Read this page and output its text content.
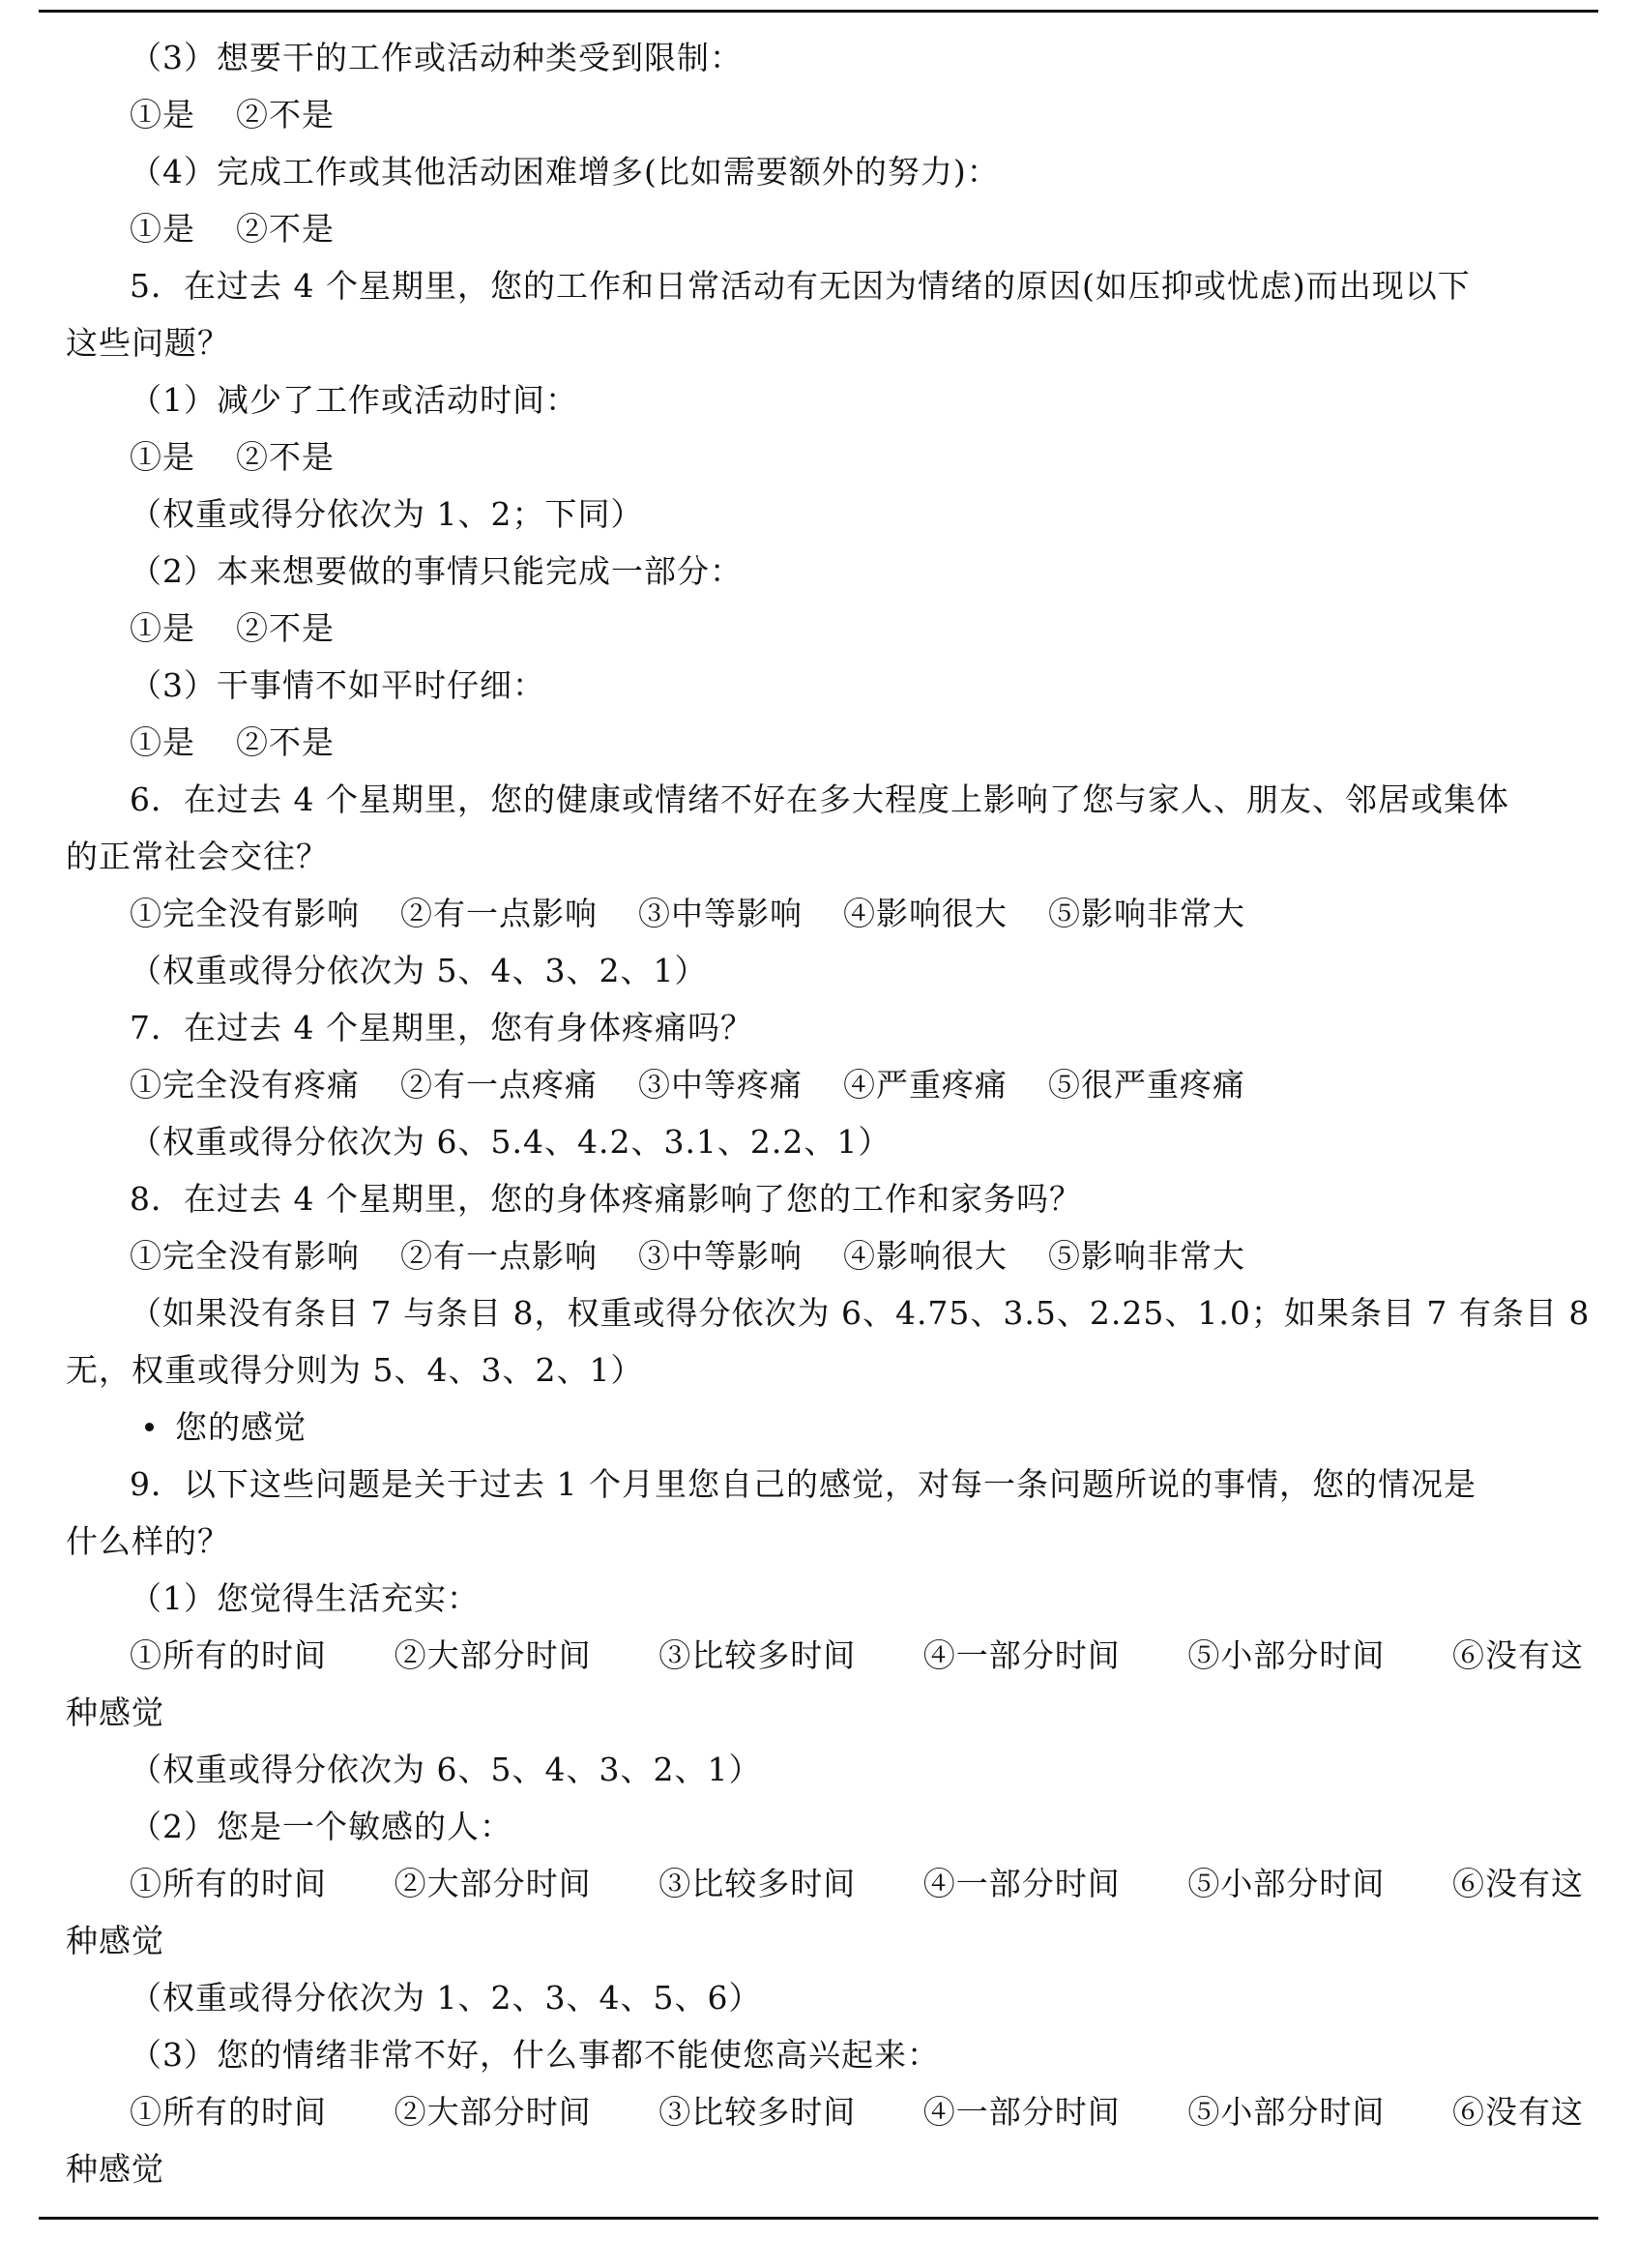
（3）想要干的工作或活动种类受到限制：
①是 ②不是
（4）完成工作或其他活动困难增多(比如需要额外的努力)：
①是 ②不是
5．在过去 4 个星期里，您的工作和日常活动有无因为情绪的原因(如压抑或忧虑)而出现以下
这些问题？
（1）减少了工作或活动时间：
①是 ②不是
（权重或得分依次为 1、2；下同）
（2）本来想要做的事情只能完成一部分：
①是 ②不是
（3）干事情不如平时仔细：
①是 ②不是
6．在过去 4 个星期里，您的健康或情绪不好在多大程度上影响了您与家人、朋友、邻居或集体
的正常社会交往？
①完全没有影响 ②有一点影响 ③中等影响 ④影响很大 ⑤影响非常大
（权重或得分依次为 5、4、3、2、1）
7．在过去 4 个星期里，您有身体疼痛吗？
①完全没有疼痛 ②有一点疼痛 ③中等疼痛 ④严重疼痛 ⑤很严重疼痛
（权重或得分依次为 6、5.4、4.2、3.1、2.2、1）
8．在过去 4 个星期里，您的身体疼痛影响了您的工作和家务吗？
①完全没有影响 ②有一点影响 ③中等影响 ④影响很大 ⑤影响非常大
（如果没有条目 7 与条目 8，权重或得分依次为 6、4.75、3.5、2.25、1.0；如果条目 7 有条目 8
无，权重或得分则为 5、4、3、2、1）
您的感觉
9．以下这些问题是关于过去 1 个月里您自己的感觉，对每一条问题所说的事情，您的情况是
什么样的？
（1）您觉得生活充实：
①所有的时间 ②大部分时间 ③比较多时间 ④一部分时间 ⑤小部分时间 ⑥没有这
种感觉
（权重或得分依次为 6、5、4、3、2、1）
（2）您是一个敏感的人：
①所有的时间 ②大部分时间 ③比较多时间 ④一部分时间 ⑤小部分时间 ⑥没有这
种感觉
（权重或得分依次为 1、2、3、4、5、6）
（3）您的情绪非常不好，什么事都不能使您高兴起来：
①所有的时间 ②大部分时间 ③比较多时间 ④一部分时间 ⑤小部分时间 ⑥没有这
种感觉
